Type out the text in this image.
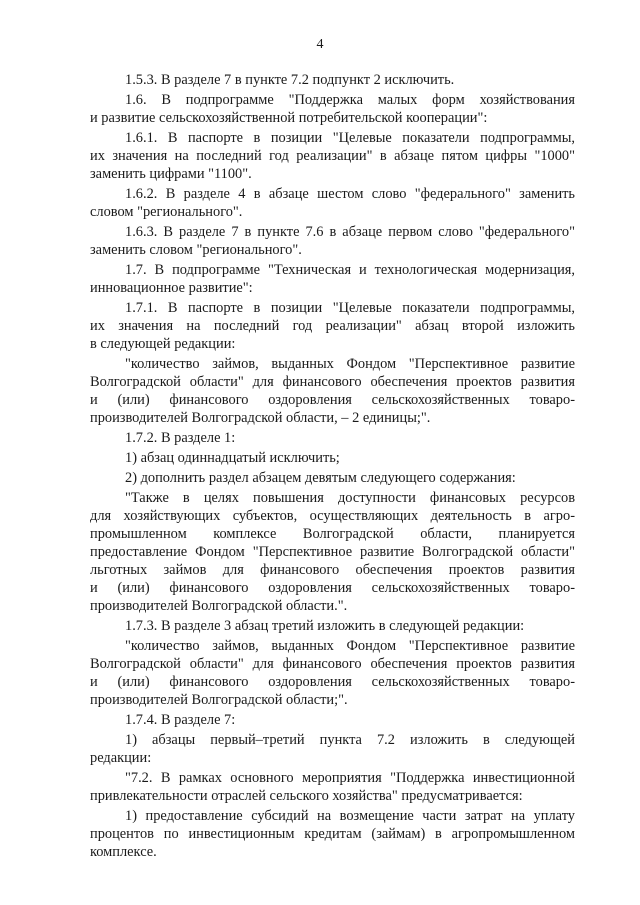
4
1.5.3. В разделе 7 в пункте 7.2 подпункт 2 исключить.
1.6. В подпрограмме "Поддержка малых форм хозяйствования
и развитие сельскохозяйственной потребительской кооперации":
1.6.1. В паспорте в позиции "Целевые показатели подпрограммы,
их значения на последний год реализации" в абзаце пятом цифры "1000"
заменить цифрами "1100".
1.6.2. В разделе 4 в абзаце шестом слово "федерального" заменить
словом "регионального".
1.6.3. В разделе 7 в пункте 7.6 в абзаце первом слово "федерального"
заменить словом "регионального".
1.7. В подпрограмме "Техническая и технологическая модернизация,
инновационное развитие":
1.7.1. В паспорте в позиции "Целевые показатели подпрограммы,
их значения на последний год реализации" абзац второй изложить
в следующей редакции:
"количество займов, выданных Фондом "Перспективное развитие
Волгоградской области" для финансового обеспечения проектов развития
и (или) финансового оздоровления сельскохозяйственных товаро-
производителей Волгоградской области, – 2 единицы;".
1.7.2. В разделе 1:
1) абзац одиннадцатый исключить;
2) дополнить раздел абзацем девятым следующего содержания:
"Также в целях повышения доступности финансовых ресурсов
для хозяйствующих субъектов, осуществляющих деятельность в агро-
промышленном комплексе Волгоградской области, планируется
предоставление Фондом "Перспективное развитие Волгоградской области"
льготных займов для финансового обеспечения проектов развития
и (или) финансового оздоровления сельскохозяйственных товаро-
производителей Волгоградской области.".
1.7.3. В разделе 3 абзац третий изложить в следующей редакции:
"количество займов, выданных Фондом "Перспективное развитие
Волгоградской области" для финансового обеспечения проектов развития
и (или) финансового оздоровления сельскохозяйственных товаро-
производителей Волгоградской области;".
1.7.4. В разделе 7:
1) абзацы первый–третий пункта 7.2 изложить в следующей
редакции:
"7.2. В рамках основного мероприятия "Поддержка инвестиционной
привлекательности отраслей сельского хозяйства" предусматривается:
1) предоставление субсидий на возмещение части затрат на уплату
процентов по инвестиционным кредитам (займам) в агропромышленном
комплексе.
